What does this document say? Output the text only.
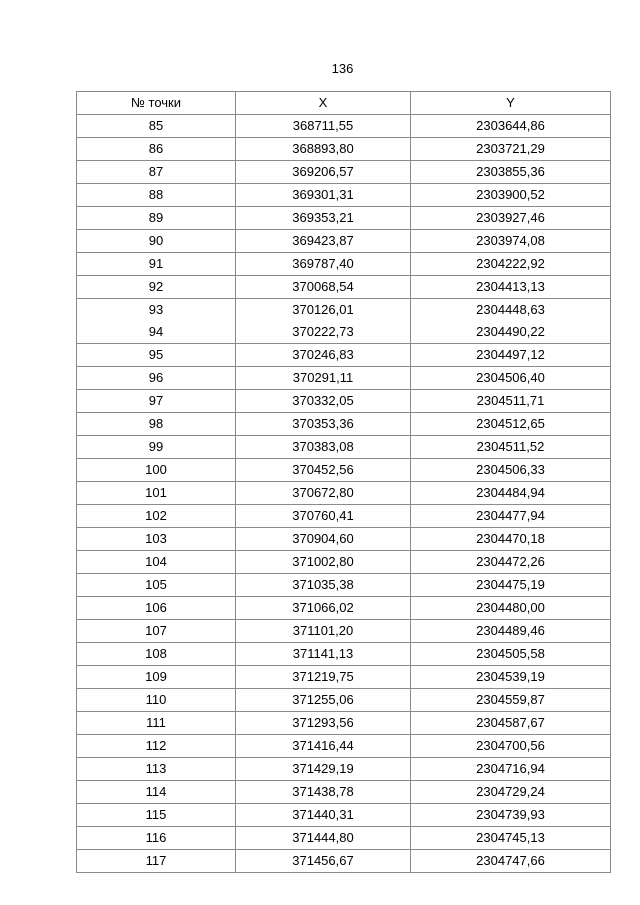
136
№ точки	X	Y
85	368711,55	2303644,86
86	368893,80	2303721,29
87	369206,57	2303855,36
88	369301,31	2303900,52
89	369353,21	2303927,46
90	369423,87	2303974,08
91	369787,40	2304222,92
92	370068,54	2304413,13
93	370126,01	2304448,63
94	370222,73	2304490,22
95	370246,83	2304497,12
96	370291,11	2304506,40
97	370332,05	2304511,71
98	370353,36	2304512,65
99	370383,08	2304511,52
100	370452,56	2304506,33
101	370672,80	2304484,94
102	370760,41	2304477,94
103	370904,60	2304470,18
104	371002,80	2304472,26
105	371035,38	2304475,19
106	371066,02	2304480,00
107	371101,20	2304489,46
108	371141,13	2304505,58
109	371219,75	2304539,19
110	371255,06	2304559,87
111	371293,56	2304587,67
112	371416,44	2304700,56
113	371429,19	2304716,94
114	371438,78	2304729,24
115	371440,31	2304739,93
116	371444,80	2304745,13
117	371456,67	2304747,66
